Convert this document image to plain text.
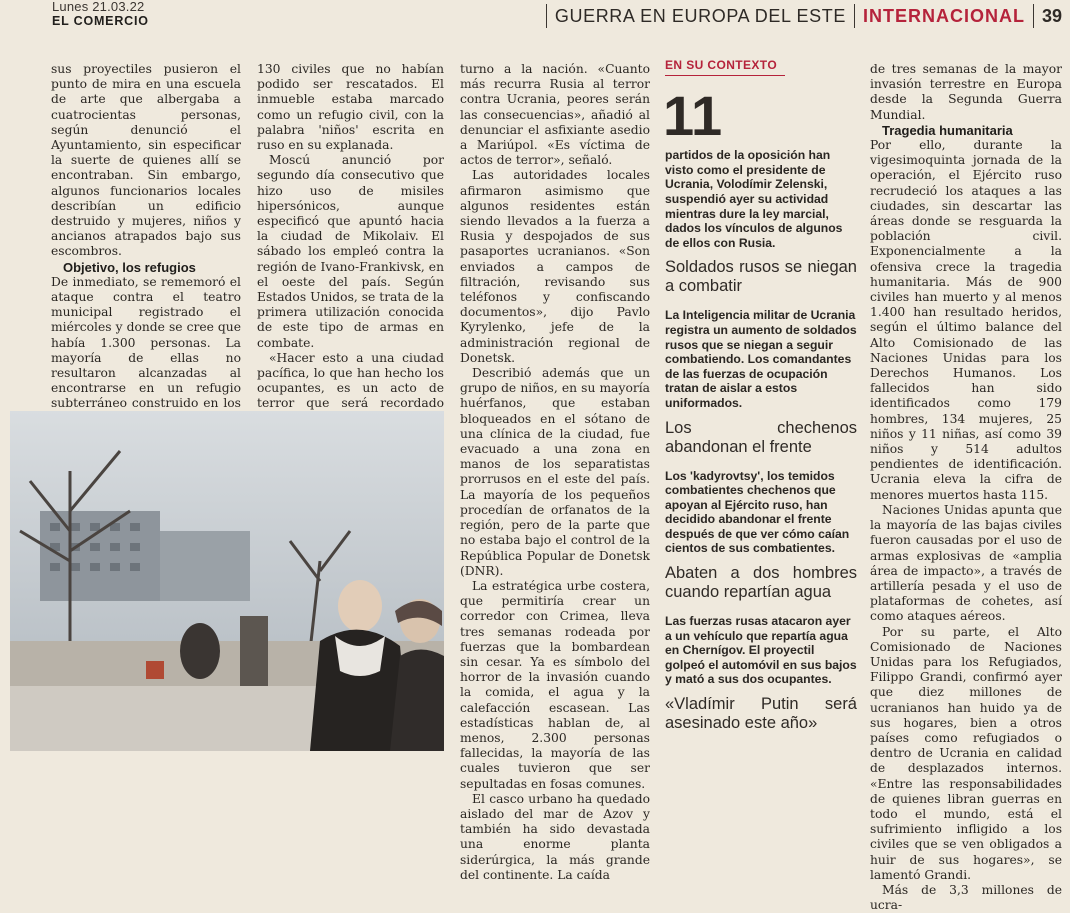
Lunes 21.03.22
EL COMERCIO	GUERRA EN EUROPA DEL ESTE INTERNACIONAL 39

sus proyectiles pusieron el punto de mira en una escuela de arte que albergaba a cuatrocientas personas, según denunció el Ayuntamiento, sin especificar la suerte de quienes allí se encontraban. Sin embargo, algunos funcionarios locales describían un edificio destruido y mujeres, niños y ancianos atrapados bajo sus escombros.

Objetivo, los refugios

De inmediato, se rememoró el ataque contra el teatro municipal registrado el miércoles y donde se cree que había 1.300 personas. La mayoría de ellas no resultaron alcanzadas al encontrarse en un refugio subterráneo construido en los

130 civiles que no habían podido ser rescatados. El inmueble estaba marcado como un refugio civil, con la palabra 'niños' escrita en ruso en su explanada.

Moscú anunció por segundo día consecutivo que hizo uso de misiles hipersónicos, aunque especificó que apuntó hacia la ciudad de Mikolaiv. El sábado los empleó contra la región de Ivano-Frankivsk, en el oeste del país. Según Estados Unidos, se trata de la primera utilización conocida de este tipo de armas en combate.

«Hacer esto a una ciudad pacífica, lo que han hecho los ocupantes, es un acto de terror que será recordado

turno a la nación. «Cuanto más recurra Rusia al terror contra Ucrania, peores serán las consecuencias», añadió al denunciar el asfixiante asedio a Mariúpol. «Es víctima de actos de terror», señaló.

Las autoridades locales afirmaron asimismo que algunos residentes están siendo llevados a la fuerza a Rusia y despojados de sus pasaportes ucranianos. «Son enviados a campos de filtración, revisando sus teléfonos y confiscando documentos», dijo Pavlo Kyrylenko, jefe de la administración regional de Donetsk.

Describió además que un grupo de niños, en su mayoría huérfanos, que estaban bloqueados en el sótano de una clínica de la ciudad, fue evacuado a una zona en manos de los separatistas prorrusos en el este del país. La mayoría de los pequeños procedían de orfanatos de la región, pero de la parte que no estaba bajo el control de la República Popular de Donetsk (DNR).

La estratégica urbe costera, que permitiría crear un corredor con Crimea, lleva tres semanas rodeada por fuerzas que la bombardean sin cesar. Ya es símbolo del horror de la invasión cuando la comida, el agua y la calefacción escasean. Las estadísticas hablan de, al menos, 2.300 personas fallecidas, la mayoría de las cuales tuvieron que ser sepultadas en fosas comunes.

El casco urbano ha quedado aislado del mar de Azov y también ha sido devastada una enorme planta siderúrgica, la más grande del continente. La caída

EN SU CONTEXTO
11
partidos de la oposición han visto como el presidente de Ucrania, Volodímir Zelenski, suspendió ayer su actividad mientras dure la ley marcial, dados los vínculos de algunos de ellos con Rusia.
Soldados rusos se niegan a combatir
La Inteligencia militar de Ucrania registra un aumento de soldados rusos que se niegan a seguir combatiendo. Los comandantes de las fuerzas de ocupación tratan de aislar a estos uniformados.
Los chechenos abandonan el frente
Los 'kadyrovtsy', los temidos combatientes chechenos que apoyan al Ejército ruso, han decidido abandonar el frente después de que ver cómo caían cientos de sus combatientes.
Abaten a dos hombres cuando repartían agua
Las fuerzas rusas atacaron ayer a un vehículo que repartía agua en Chernígov. El proyectil golpeó el automóvil en sus bajos y mató a sus dos ocupantes.
«Vladímir Putin será asesinado este año»

de tres semanas de la mayor invasión terrestre en Europa desde la Segunda Guerra Mundial.

Tragedia humanitaria

Por ello, durante la vigesimoquinta jornada de la operación, el Ejército ruso recrudeció los ataques a las ciudades, sin descartar las áreas donde se resguarda la población civil. Exponencialmente a la ofensiva crece la tragedia humanitaria. Más de 900 civiles han muerto y al menos 1.400 han resultado heridos, según el último balance del Alto Comisionado de las Naciones Unidas para los Derechos Humanos. Los fallecidos han sido identificados como 179 hombres, 134 mujeres, 25 niños y 11 niñas, así como 39 niños y 514 adultos pendientes de identificación. Ucrania eleva la cifra de menores muertos hasta 115.

Naciones Unidas apunta que la mayoría de las bajas civiles fueron causadas por el uso de armas explosivas de «amplia área de impacto», a través de artillería pesada y el uso de plataformas de cohetes, así como ataques aéreos.

Por su parte, el Alto Comisionado de Naciones Unidas para los Refugiados, Filippo Grandi, confirmó ayer que diez millones de ucranianos han huido ya de sus hogares, bien a otros países como refugiados o dentro de Ucrania en calidad de desplazados internos. «Entre las responsabilidades de quienes libran guerras en todo el mundo, está el sufrimiento infligido a los civiles que se ven obligados a huir de sus hogares», se lamentó Grandi.

Más de 3,3 millones de ucra-
